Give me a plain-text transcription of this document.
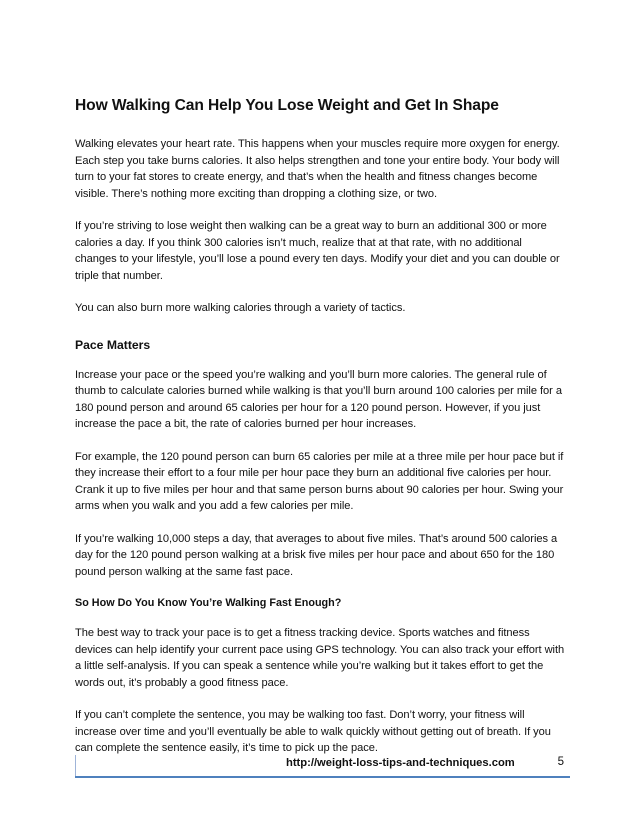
How Walking Can Help You Lose Weight and Get In Shape

Walking elevates your heart rate. This happens when your muscles require more oxygen for energy. Each step you take burns calories. It also helps strengthen and tone your entire body. Your body will turn to your fat stores to create energy, and that’s when the health and fitness changes become visible. There’s nothing more exciting than dropping a clothing size, or two.

If you’re striving to lose weight then walking can be a great way to burn an additional 300 or more calories a day. If you think 300 calories isn’t much, realize that at that rate, with no additional changes to your lifestyle, you’ll lose a pound every ten days. Modify your diet and you can double or triple that number.

You can also burn more walking calories through a variety of tactics.

Pace Matters

Increase your pace or the speed you’re walking and you’ll burn more calories. The general rule of thumb to calculate calories burned while walking is that you’ll burn around 100 calories per mile for a 180 pound person and around 65 calories per hour for a 120 pound person. However, if you just increase the pace a bit, the rate of calories burned per hour increases.

For example, the 120 pound person can burn 65 calories per mile at a three mile per hour pace but if they increase their effort to a four mile per hour pace they burn an additional five calories per hour. Crank it up to five miles per hour and that same person burns about 90 calories per hour. Swing your arms when you walk and you add a few calories per mile.

If you’re walking 10,000 steps a day, that averages to about five miles. That’s around 500 calories a day for the 120 pound person walking at a brisk five miles per hour pace and about 650 for the 180 pound person walking at the same fast pace.

So How Do You Know You’re Walking Fast Enough?

The best way to track your pace is to get a fitness tracking device. Sports watches and fitness devices can help identify your current pace using GPS technology. You can also track your effort with a little self-analysis. If you can speak a sentence while you’re walking but it takes effort to get the words out, it’s probably a good fitness pace.

If you can’t complete the sentence, you may be walking too fast. Don’t worry, your fitness will increase over time and you’ll eventually be able to walk quickly without getting out of breath. If you can complete the sentence easily, it’s time to pick up the pace.

http://weight-loss-tips-and-techniques.com	5
